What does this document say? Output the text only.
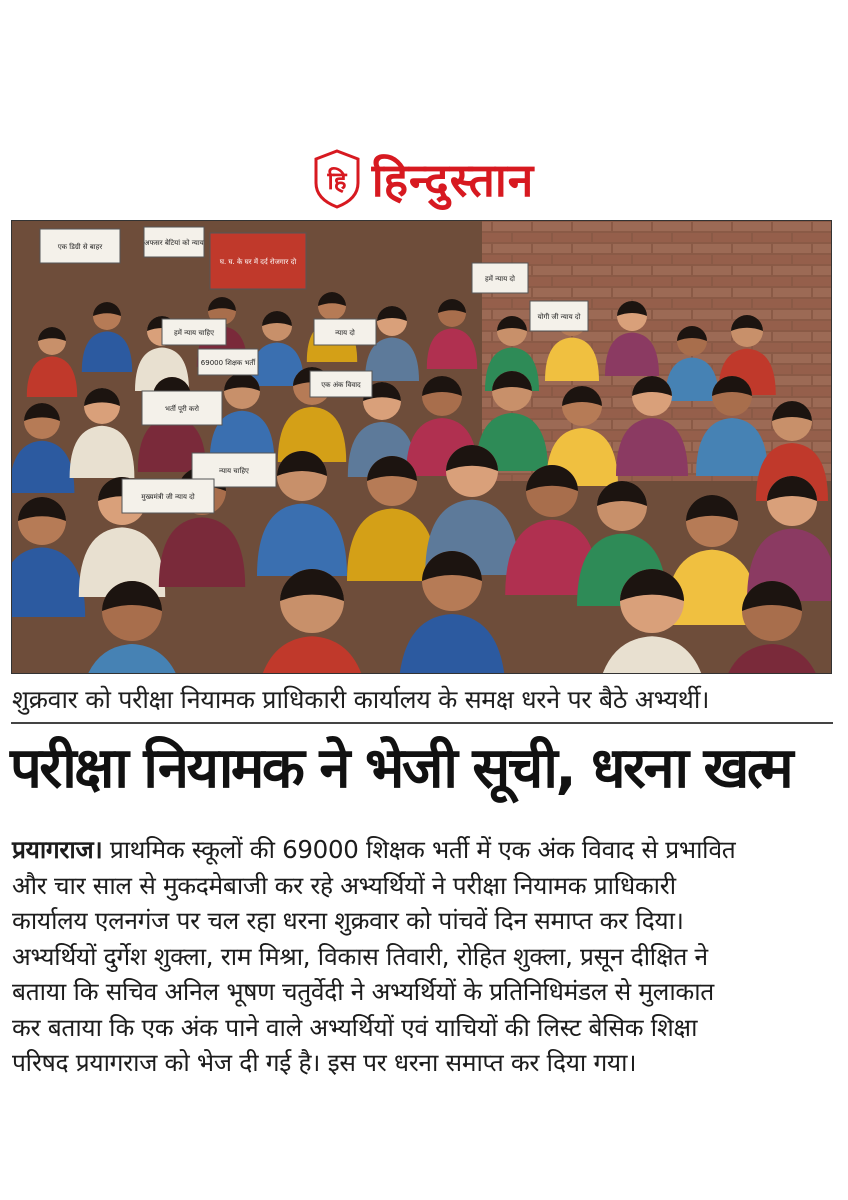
हि हिन्दुस्तान
एक डिग्री से बाहर	अफसर बेटियां को न्याय
घ. घ. के घर में दर्द रोजगार दो
हमें न्याय चाहिए
69000 शिक्षक भर्ती
न्याय दो
एक अंक विवाद
हमें न्याय दो
योगी जी न्याय दो
भर्ती पूरी करो
न्याय चाहिए
मुख्यमंत्री जी न्याय दो
शुक्रवार को परीक्षा नियामक प्राधिकारी कार्यालय के समक्ष धरने पर बैठे अभ्यर्थी।
परीक्षा नियामक ने भेजी सूची, धरना खत्म
प्रयागराज। प्राथमिक स्कूलों की 69000 शिक्षक भर्ती में एक अंक विवाद से प्रभावित
और चार साल से मुकदमेबाजी कर रहे अभ्यर्थियों ने परीक्षा नियामक प्राधिकारी
कार्यालय एलनगंज पर चल रहा धरना शुक्रवार को पांचवें दिन समाप्त कर दिया।
अभ्यर्थियों दुर्गेश शुक्ला, राम मिश्रा, विकास तिवारी, रोहित शुक्ला, प्रसून दीक्षित ने
बताया कि सचिव अनिल भूषण चतुर्वेदी ने अभ्यर्थियों के प्रतिनिधिमंडल से मुलाकात
कर बताया कि एक अंक पाने वाले अभ्यर्थियों एवं याचियों की लिस्ट बेसिक शिक्षा
परिषद प्रयागराज को भेज दी गई है। इस पर धरना समाप्त कर दिया गया।
